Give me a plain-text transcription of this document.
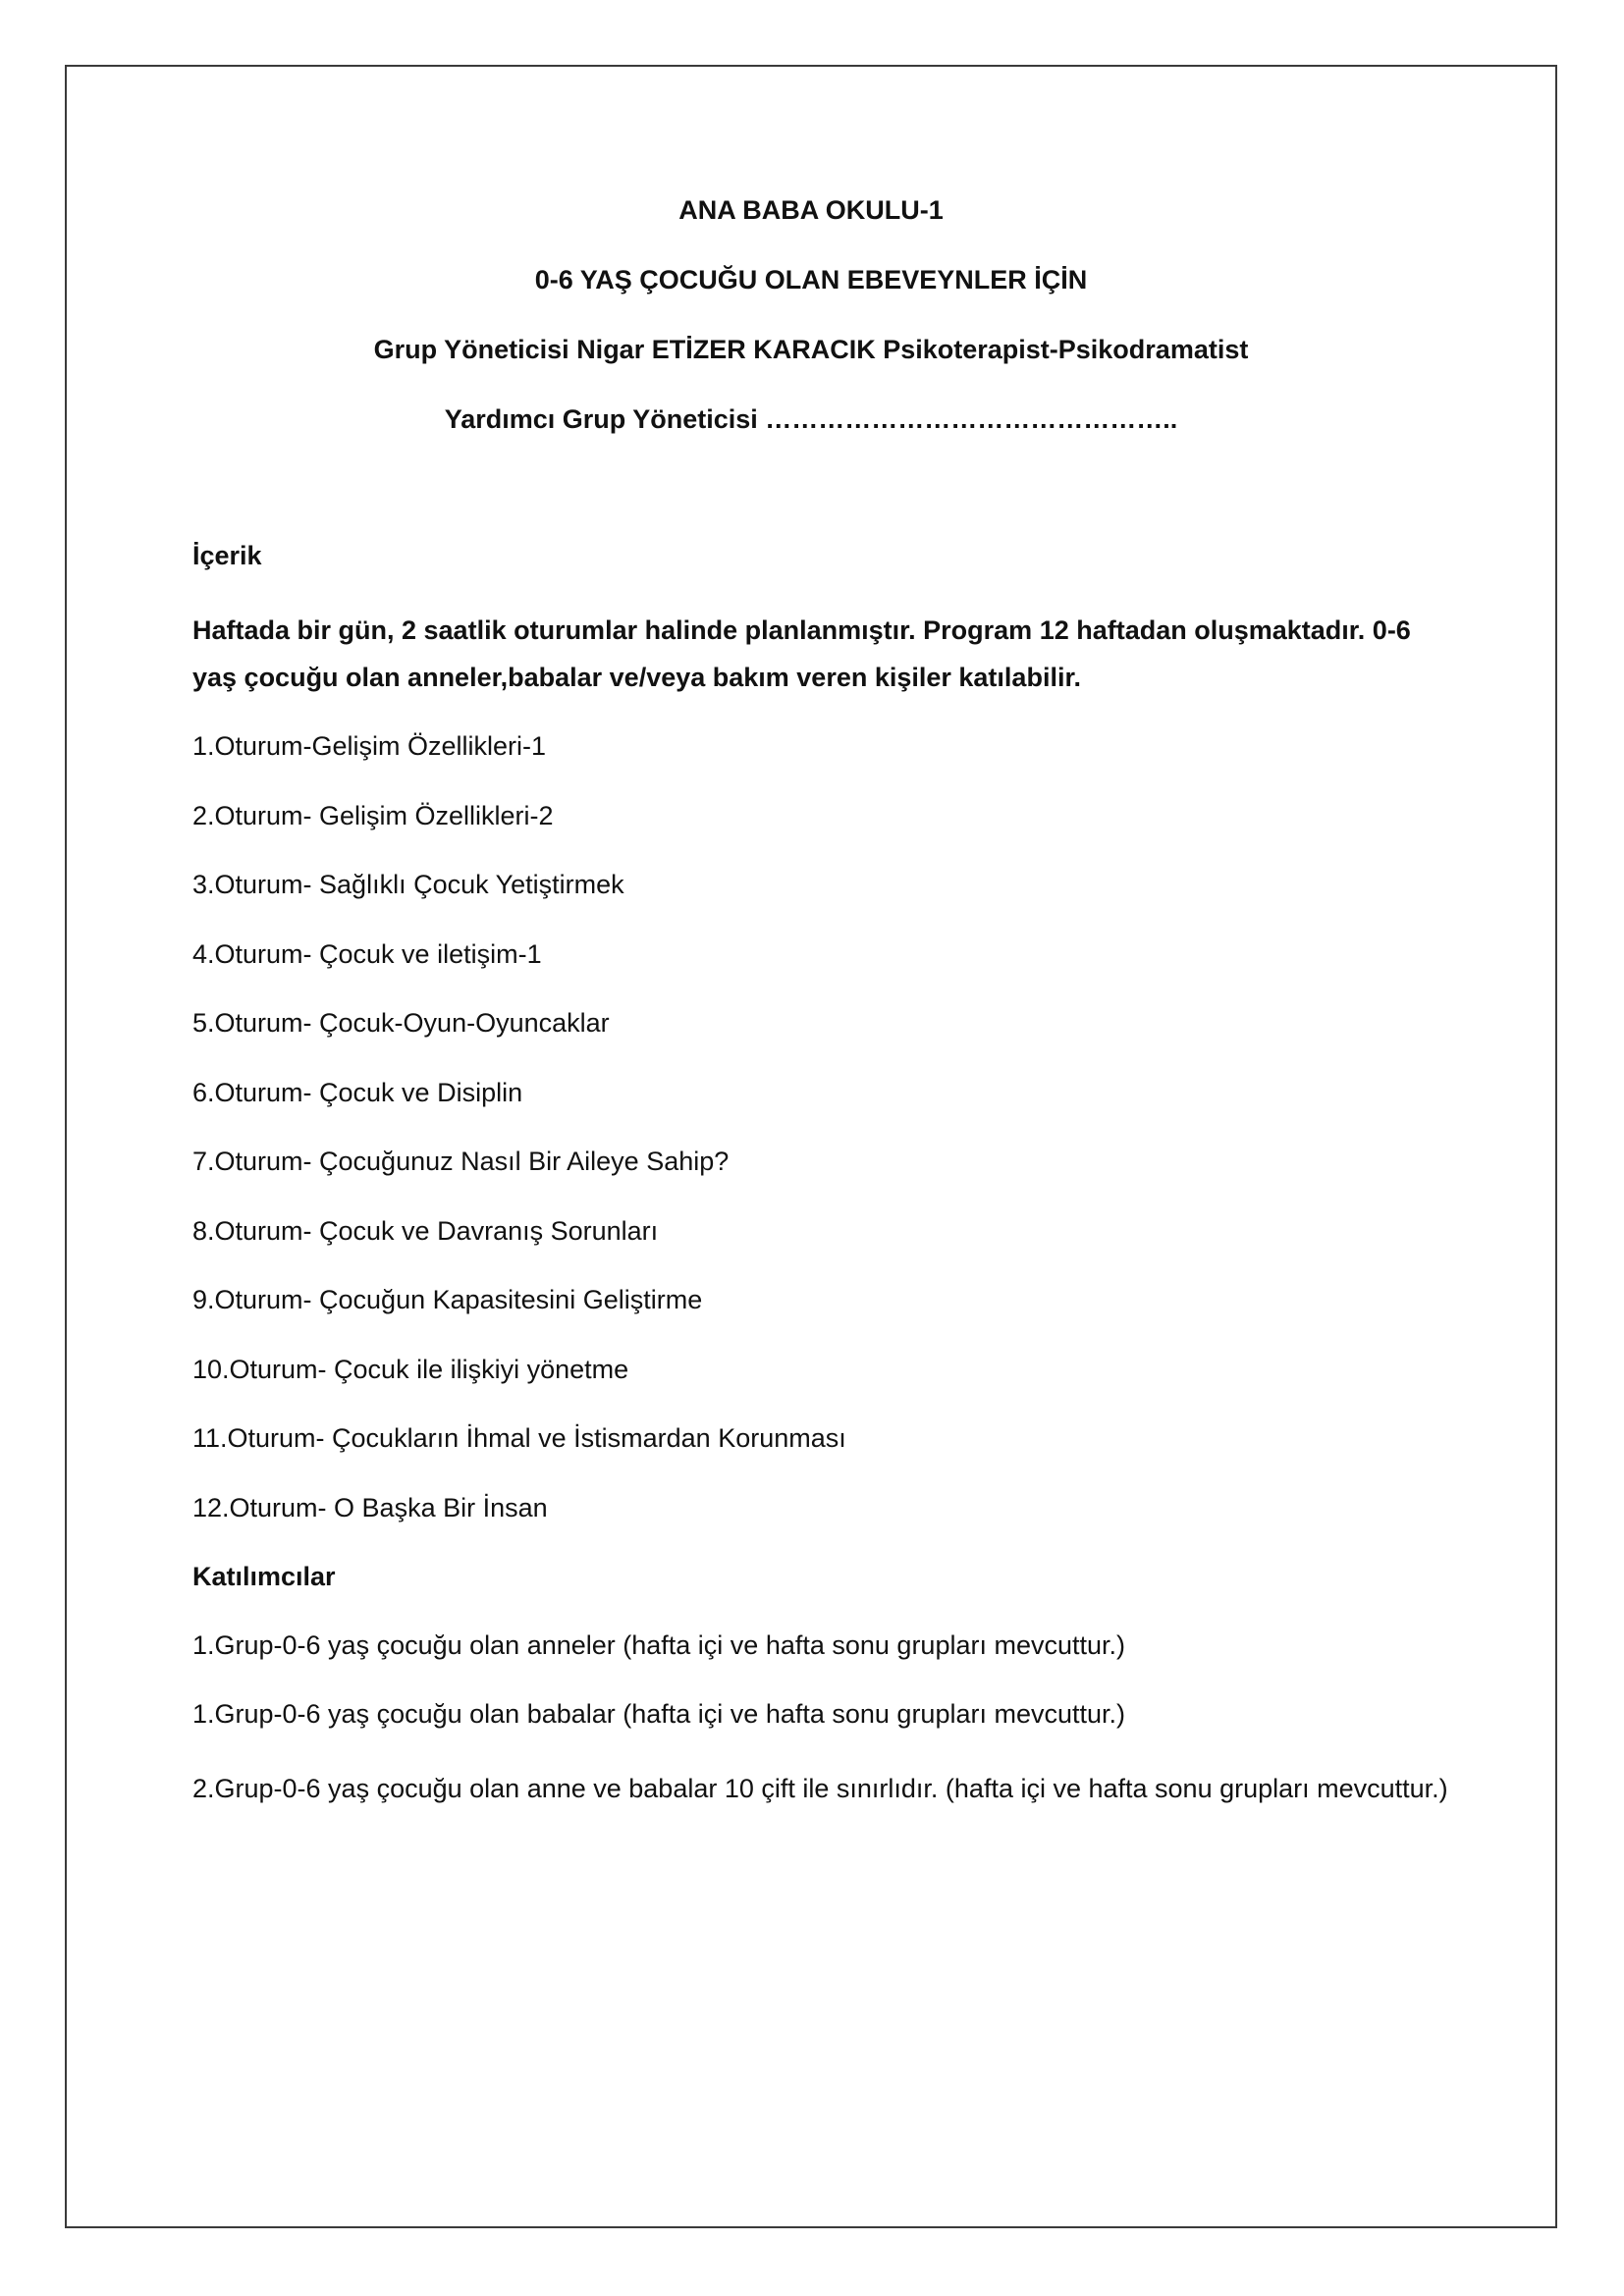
ANA BABA OKULU-1

0-6 YAŞ ÇOCUĞU OLAN EBEVEYNLER İÇİN

Grup Yöneticisi Nigar ETİZER KARACIK Psikoterapist-Psikodramatist

Yardımcı Grup Yöneticisi ………………………………………..

İçerik

Haftada bir gün, 2 saatlik oturumlar halinde planlanmıştır. Program 12 haftadan oluşmaktadır. 0-6 yaş çocuğu olan anneler,babalar ve/veya bakım veren kişiler katılabilir.

1.Oturum-Gelişim Özellikleri-1
2.Oturum- Gelişim Özellikleri-2
3.Oturum- Sağlıklı Çocuk Yetiştirmek
4.Oturum- Çocuk ve iletişim-1
5.Oturum- Çocuk-Oyun-Oyuncaklar
6.Oturum- Çocuk ve Disiplin
7.Oturum- Çocuğunuz Nasıl Bir Aileye Sahip?
8.Oturum- Çocuk ve Davranış Sorunları
9.Oturum- Çocuğun Kapasitesini Geliştirme
10.Oturum- Çocuk ile ilişkiyi yönetme
11.Oturum- Çocukların İhmal ve İstismardan Korunması
12.Oturum- O Başka Bir İnsan

Katılımcılar

1.Grup-0-6 yaş çocuğu olan anneler (hafta içi ve hafta sonu grupları mevcuttur.)

1.Grup-0-6 yaş çocuğu olan babalar (hafta içi ve hafta sonu grupları mevcuttur.)

2.Grup-0-6 yaş çocuğu olan anne ve babalar 10 çift ile sınırlıdır. (hafta içi ve hafta sonu grupları mevcuttur.)
